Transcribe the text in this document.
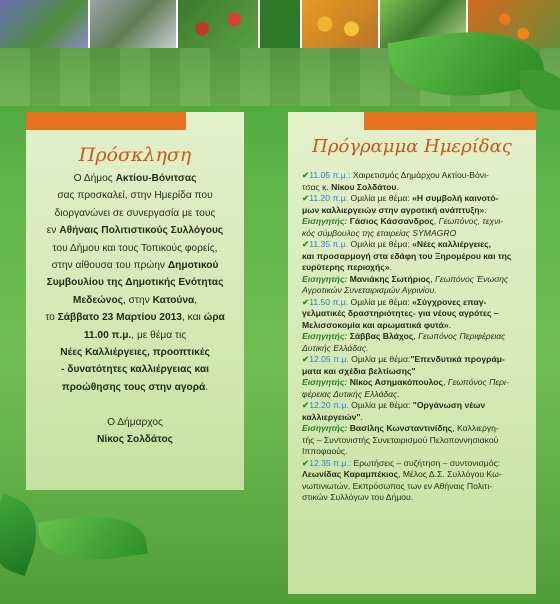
Πρόσκληση
Ο Δήμος Ακτίου-Βόνιτσας
σας προσκαλεί, στην Ημερίδα που
διοργανώνει σε συνεργασία με τους
εν Αθήναις Πολιτιστικούς Συλλόγους
του Δήμου και τους Τοπικούς φορείς,
στην αίθουσα του πρώην Δημοτικού
Συμβουλίου της Δημοτικής Ενότητας
Μεδεώνος, στην Κατούνα,
το Σάββατο 23 Μαρτίου 2013, και ώρα
11.00 π.μ., με θέμα τις
Νέες Καλλιέργειες, προοπτικές
- δυνατότητες καλλιέργειας και
προώθησης τους στην αγορά.

Ο Δήμαρχος
Νίκος Σολδάτος
Πρόγραμμα Ημερίδας
✔11.05 π.μ.: Χαιρετισμός Δημάρχου Ακτίου-Βόνι-
τσας κ. Νίκου Σολδάτου.
✔11.20 π.μ. Ομιλία με θέμα: «Η συμβολή καινοτό-
μων καλλιεργειών στην αγροτική ανάπτυξη».
Εισηγητής: Γάσιος Κάσσανδρος, Γεωπόνος, τεχνι-
κός σύμβουλος της εταιρείας SYMAGRO
✔11.35 π.μ. Ομιλία με θέμα: «Νέες καλλιέργειες,
και προσαρμογή στα εδάφη του Ξηρομέρου και της
ευρύτερης περιοχής».
Εισηγητής: Μανιάκης Σωτήριος, Γεωπόνος Ένωσης
Αγροτικών Συνεταιρισμών Αγρινίου.
✔11.50 π.μ. Ομιλία με θέμα: «Σύγχρονες επαγ-
γελματικές δραστηριότητες- για νέους αγρότες –
Μελισσοκομία και αρωματικά φυτά».
Εισηγητής: Σάββας Βλάχος, Γεωπόνος Περιφέρειας
Δυτικής Ελλάδας.
✔12.05 π.μ. Ομιλία με θέμα:"Επενδυτικά προγράμ-
ματα και σχέδια βελτίωσης"
Εισηγητής: Νίκος Ασημακόπουλος, Γεωπόνος Περι-
φέρειας Δυτικής Ελλάδας.
✔12.20 π.μ. Ομιλία με θέμα: "Οργάνωση νέων
καλλιεργειών".
Εισηγητής: Βασίλης Κωνσταντινίδης, Καλλιεργη-
τής – Συντονιστής Συνεταιρισμού Πελοποννησιακού
Ιπποφαούς.
✔12.35 π.μ.: Ερωτήσεις – συζήτηση – συντονισμός:
Λεωνίδας Καραμπέκιος, Μέλος Δ.Σ. Συλλόγου Κω-
νωπινιωτών, Εκπρόσωπος των εν Αθήναις Πολιτι-
στικών Συλλόγων του Δήμου.
